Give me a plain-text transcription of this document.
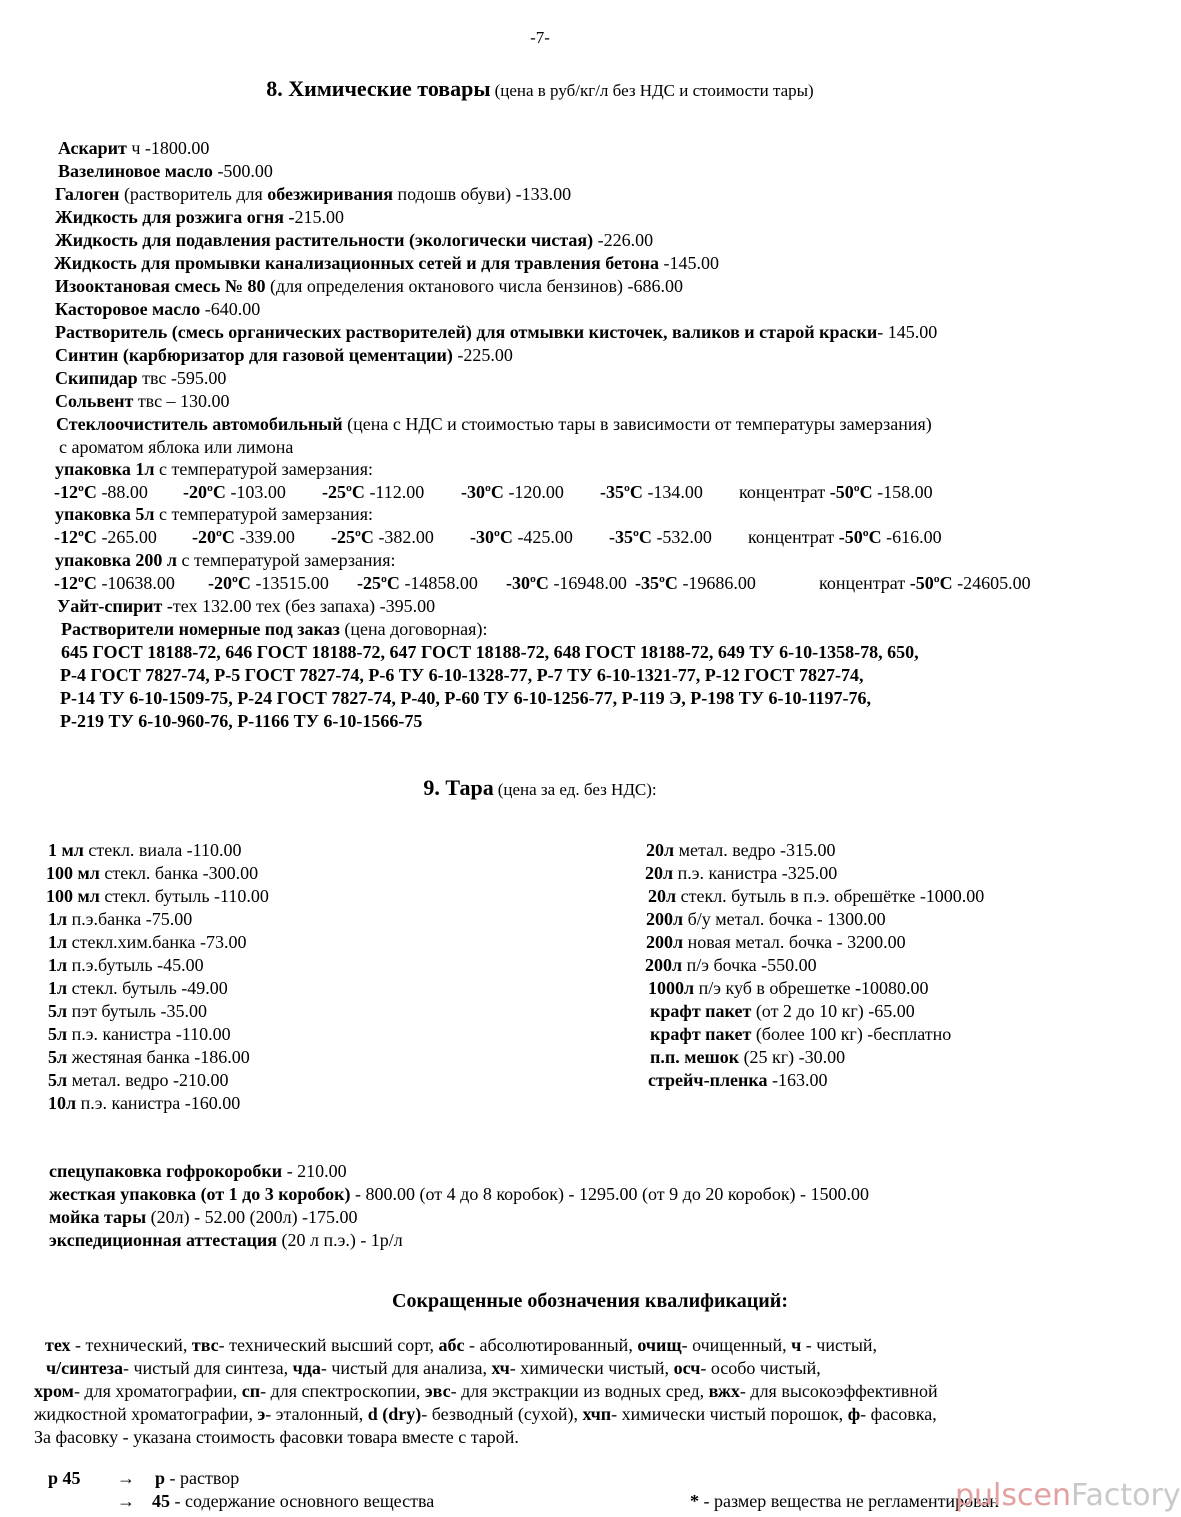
-7-
8. Химические товары (цена в руб/кг/л без НДС и стоимости тары)
Аскарит ч -1800.00
Вазелиновое масло -500.00
Галоген (растворитель для обезжиривания подошв обуви) -133.00
Жидкость для розжига огня -215.00
Жидкость для подавления растительности (экологически чистая) -226.00
Жидкость для промывки канализационных сетей и для травления бетона -145.00
Изооктановая смесь № 80 (для определения октанового числа бензинов) -686.00
Касторовое масло -640.00
Растворитель (смесь органических растворителей) для отмывки кисточек, валиков и старой краски- 145.00
Синтин (карбюризатор для газовой цементации) -225.00
Скипидар твс -595.00
Сольвент твс – 130.00
Стеклоочиститель автомобильный (цена с НДС и стоимостью тары в зависимости от температуры замерзания)
с ароматом яблока или лимона
упаковка 1л с температурой замерзания:
-12ºС -88.00 -20ºС -103.00 -25ºС -112.00 -30ºС -120.00 -35ºС -134.00 концентрат -50ºС -158.00
упаковка 5л с температурой замерзания:
-12ºС -265.00 -20ºС -339.00 -25ºС -382.00 -30ºС -425.00 -35ºС -532.00 концентрат -50ºС -616.00
упаковка 200 л с температурой замерзания:
-12ºС -10638.00 -20ºС -13515.00 -25ºС -14858.00 -30ºС -16948.00 -35ºС -19686.00	концентрат -50ºС -24605.00
Уайт-спирит -тех 132.00 тех (без запаха) -395.00
Растворители номерные под заказ (цена договорная):
645 ГОСТ 18188-72, 646 ГОСТ 18188-72, 647 ГОСТ 18188-72, 648 ГОСТ 18188-72, 649 ТУ 6-10-1358-78, 650,
Р-4 ГОСТ 7827-74, Р-5 ГОСТ 7827-74, Р-6 ТУ 6-10-1328-77, Р-7 ТУ 6-10-1321-77, Р-12 ГОСТ 7827-74,
Р-14 ТУ 6-10-1509-75, Р-24 ГОСТ 7827-74, Р-40, Р-60 ТУ 6-10-1256-77, Р-119 Э, Р-198 ТУ 6-10-1197-76,
Р-219 ТУ 6-10-960-76, Р-1166 ТУ 6-10-1566-75
9. Тара (цена за ед. без НДС):
1 мл стекл. виала -110.00
100 мл стекл. банка -300.00
100 мл стекл. бутыль -110.00
1л п.э.банка -75.00
1л стекл.хим.банка -73.00
1л п.э.бутыль -45.00
1л стекл. бутыль -49.00
5л пэт бутыль -35.00
5л п.э. канистра -110.00
5л жестяная банка -186.00
5л метал. ведро -210.00
10л п.э. канистра -160.00
20л метал. ведро -315.00
20л п.э. канистра -325.00
20л стекл. бутыль в п.э. обрешётке -1000.00
200л б/у метал. бочка - 1300.00
200л новая метал. бочка - 3200.00
200л п/э бочка -550.00
1000л п/э куб в обрешетке -10080.00
крафт пакет (от 2 до 10 кг) -65.00
крафт пакет (более 100 кг) -бесплатно
п.п. мешок (25 кг) -30.00
стрейч-пленка -163.00
спецупаковка гофрокоробки - 210.00
жесткая упаковка (от 1 до 3 коробок) - 800.00 (от 4 до 8 коробок) - 1295.00 (от 9 до 20 коробок) - 1500.00
мойка тары (20л) - 52.00 (200л) -175.00
экспедиционная аттестация (20 л п.э.) - 1р/л
Сокращенные обозначения квалификаций:
тех - технический, твс- технический высший сорт, абс - абсолютированный, очищ- очищенный, ч - чистый,
ч/синтеза- чистый для синтеза, чда- чистый для анализа, хч- химически чистый, осч- особо чистый,
хром- для хроматографии, сп- для спектроскопии, эвс- для экстракции из водных сред, вжх- для высокоэффективной
жидкостной хроматографии, э- эталонный, d (dry)- безводный (сухой), хчп- химически чистый порошок, ф- фасовка,
За фасовку - указана стоимость фасовки товара вместе с тарой.
р 45 → р - раствор
→ 45 - содержание основного вещества	* - размер вещества не регламентирован
pulscenFactory
